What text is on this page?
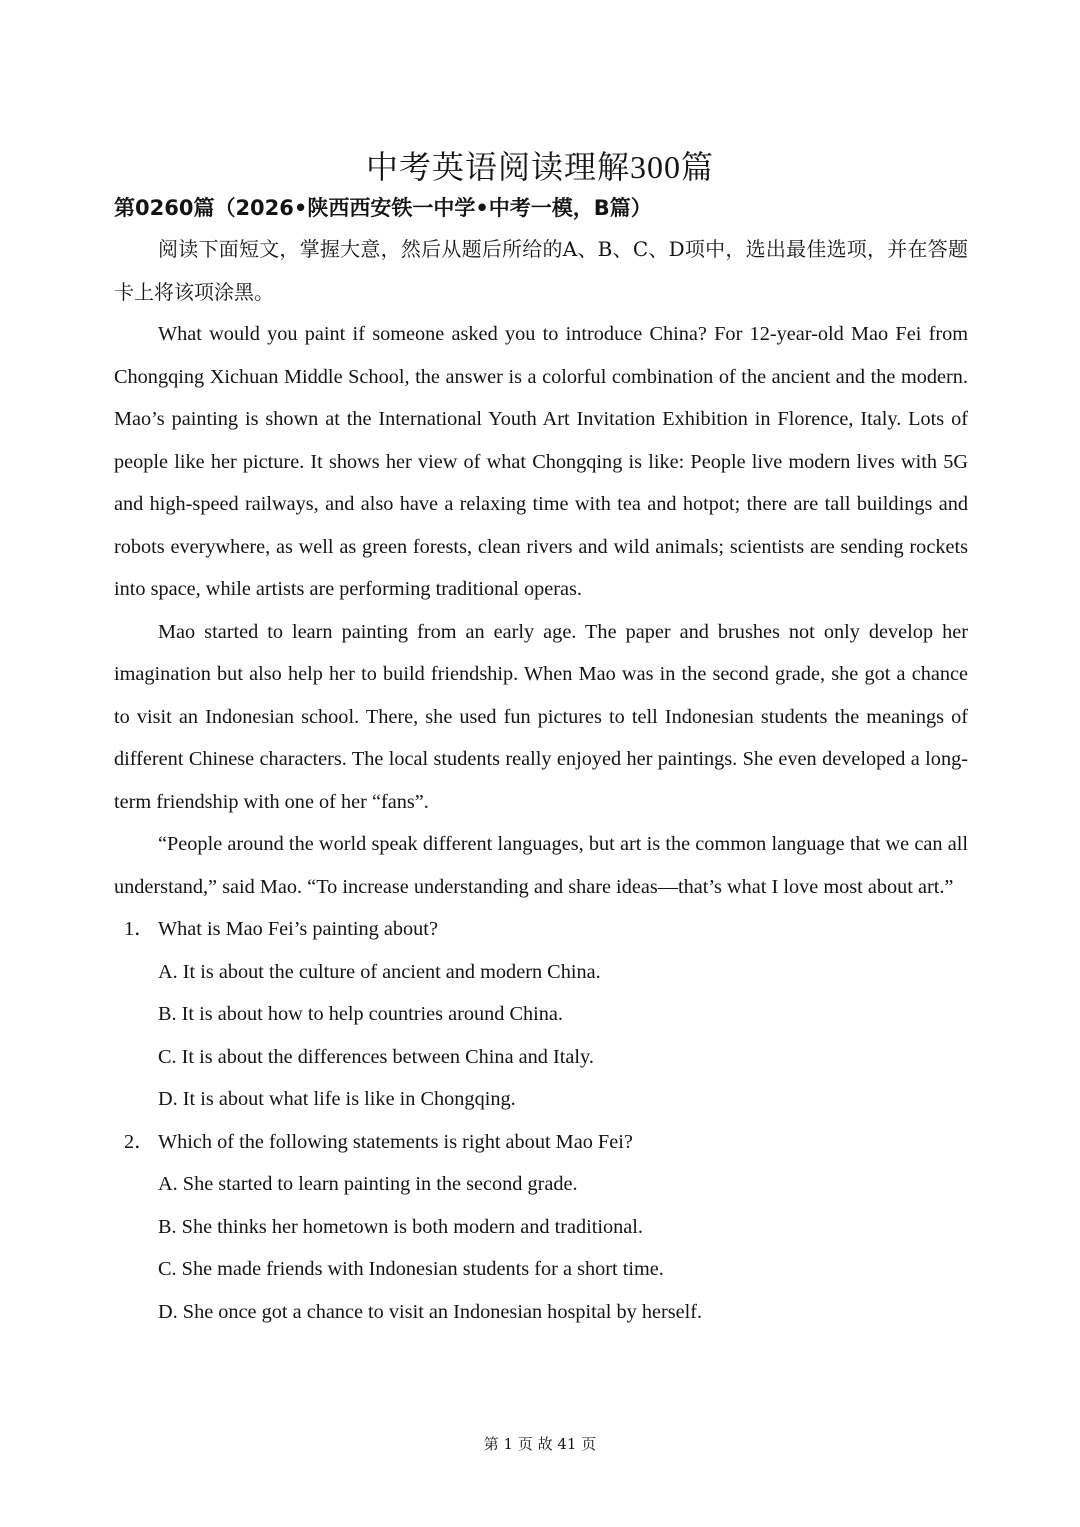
中考英语阅读理解300篇
第0260篇（2026•陕西西安铁一中学•中考一模，B篇）

阅读下面短文，掌握大意，然后从题后所给的A、B、C、D项中，选出最佳选项，并在答题卡上将该项涂黑。

What would you paint if someone asked you to introduce China? For 12-year-old Mao Fei from Chongqing Xichuan Middle School, the answer is a colorful combination of the ancient and the modern. Mao’s painting is shown at the International Youth Art Invitation Exhibition in Florence, Italy. Lots of people like her picture. It shows her view of what Chongqing is like: People live modern lives with 5G and high-speed railways, and also have a relaxing time with tea and hotpot; there are tall buildings and robots everywhere, as well as green forests, clean rivers and wild animals; scientists are sending rockets into space, while artists are performing traditional operas.

Mao started to learn painting from an early age. The paper and brushes not only develop her imagination but also help her to build friendship. When Mao was in the second grade, she got a chance to visit an Indonesian school. There, she used fun pictures to tell Indonesian students the meanings of different Chinese characters. The local students really enjoyed her paintings. She even developed a long-term friendship with one of her “fans”.

“People around the world speak different languages, but art is the common language that we can all understand,” said Mao. “To increase understanding and share ideas—that’s what I love most about art.”

1． What is Mao Fei’s painting about?
A. It is about the culture of ancient and modern China.
B. It is about how to help countries around China.
C. It is about the differences between China and Italy.
D. It is about what life is like in Chongqing.
2． Which of the following statements is right about Mao Fei?
A. She started to learn painting in the second grade.
B. She thinks her hometown is both modern and traditional.
C. She made friends with Indonesian students for a short time.
D. She once got a chance to visit an Indonesian hospital by herself.
第 1 页 故 41 页
